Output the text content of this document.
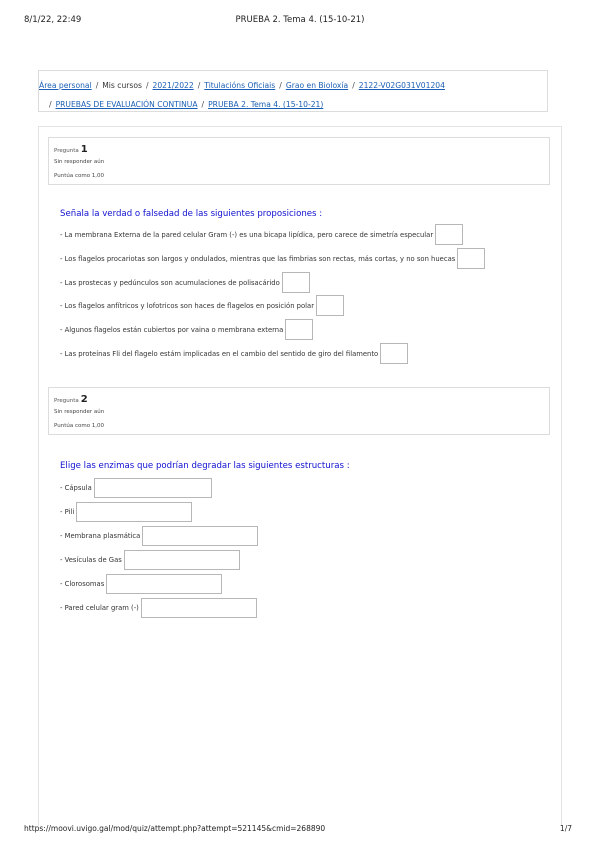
8/1/22, 22:49	PRUEBA 2. Tema 4. (15-10-21)
Área personal / Mis cursos / 2021/2022 / Titulacións Oficiais / Grao en Bioloxía / 2122-V02G031V01204
/ PRUEBAS DE EVALUACIÓN CONTINUA / PRUEBA 2. Tema 4. (15-10-21)
Pregunta 1
Sin responder aún
Puntúa como 1,00
Señala la verdad o falsedad de las siguientes proposiciones :
- La membrana Externa de la pared celular Gram (-) es una bicapa lipídica, pero carece de simetría especular
- Los flagelos procariotas son largos y ondulados, mientras que las fimbrias son rectas, más cortas, y no son huecas
- Las prostecas y pedúnculos son acumulaciones de polisacárido
- Los flagelos anfítricos y lofotricos son haces de flagelos en posición polar
- Algunos flagelos están cubiertos por vaina o membrana externa
- Las proteínas Fli del flagelo estám implicadas en el cambio del sentido de giro del filamento
Pregunta 2
Sin responder aún
Puntúa como 1,00
Elige las enzimas que podrían degradar las siguientes estructuras :
- Cápsula
- Pili
- Membrana plasmática
- Vesículas de Gas
- Clorosomas
- Pared celular gram (-)
https://moovi.uvigo.gal/mod/quiz/attempt.php?attempt=521145&cmid=268890	1/7
